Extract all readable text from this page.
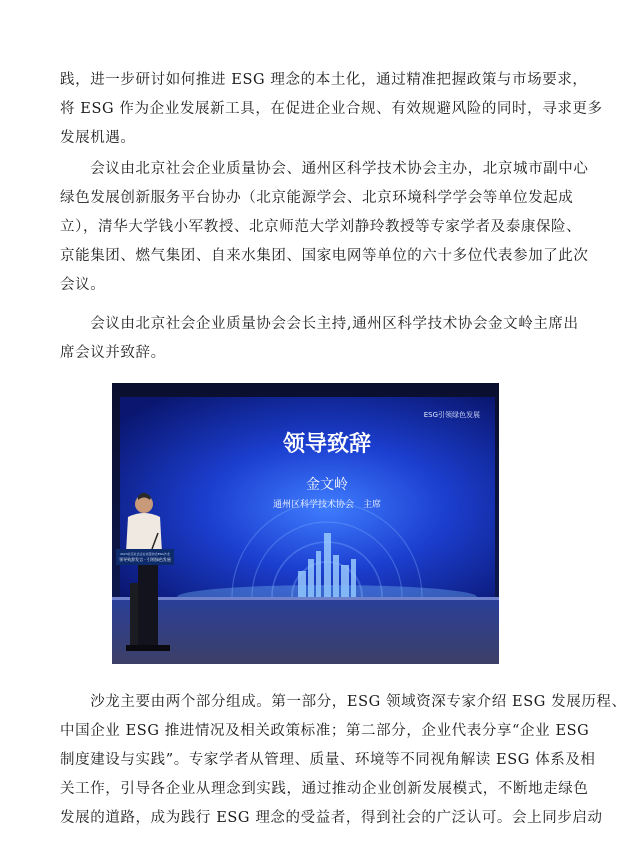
践，进一步研讨如何推进 ESG 理念的本土化，通过精准把握政策与市场要求，
将 ESG 作为企业发展新工具，在促进企业合规、有效规避风险的同时，寻求更多
发展机遇。

　　会议由北京社会企业质量协会、通州区科学技术协会主办，北京城市副中心
绿色发展创新服务平台协办（北京能源学会、北京环境科学学会等单位发起成
立），清华大学钱小军教授、北京师范大学刘静玲教授等专家学者及泰康保险、
京能集团、燃气集团、自来水集团、国家电网等单位的六十多位代表参加了此次
会议。

　　会议由北京社会企业质量协会会长主持,通州区科学技术协会金文岭主席出
席会议并致辞。

ESG引领绿色发展
领导致辞
金文岭
通州区科学技术协会　主席
2023北京社会企业质量协会ESG沙龙
领导致辞发言 · 引领绿色发展

　　沙龙主要由两个部分组成。第一部分，ESG 领域资深专家介绍 ESG 发展历程、
中国企业 ESG 推进情况及相关政策标准；第二部分，企业代表分享“企业 ESG
制度建设与实践”。专家学者从管理、质量、环境等不同视角解读 ESG 体系及相
关工作，引导各企业从理念到实践，通过推动企业创新发展模式，不断地走绿色
发展的道路，成为践行 ESG 理念的受益者，得到社会的广泛认可。会上同步启动
